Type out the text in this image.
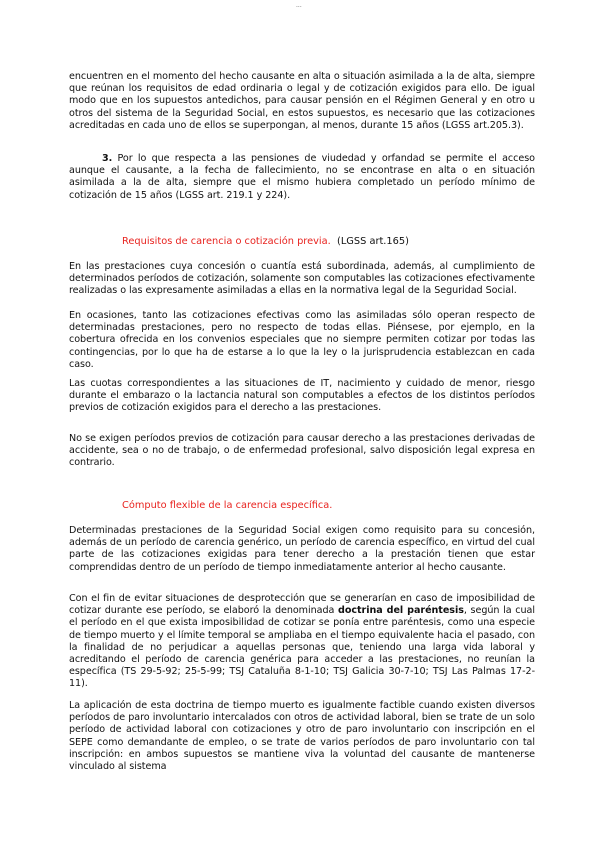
...

encuentren en el momento del hecho causante en alta o situación asimilada a la de alta, siempre que reúnan los requisitos de edad ordinaria o legal y de cotización exigidos para ello. De igual modo que en los supuestos antedichos, para causar pensión en el Régimen General y en otro u otros del sistema de la Seguridad Social, en estos supuestos, es necesario que las cotizaciones acreditadas en cada uno de ellos se superpongan, al menos, durante 15 años (LGSS art.205.3).

3. Por lo que respecta a las pensiones de viudedad y orfandad se permite el acceso aunque el causante, a la fecha de fallecimiento, no se encontrase en alta o en situación asimilada a la de alta, siempre que el mismo hubiera completado un período mínimo de cotización de 15 años (LGSS art. 219.1 y 224).

Requisitos de carencia o cotización previa. (LGSS art.165)

En las prestaciones cuya concesión o cuantía está subordinada, además, al cumplimiento de determinados períodos de cotización, solamente son computables las cotizaciones efectivamente realizadas o las expresamente asimiladas a ellas en la normativa legal de la Seguridad Social.

En ocasiones, tanto las cotizaciones efectivas como las asimiladas sólo operan respecto de determinadas prestaciones, pero no respecto de todas ellas. Piénsese, por ejemplo, en la cobertura ofrecida en los convenios especiales que no siempre permiten cotizar por todas las contingencias, por lo que ha de estarse a lo que la ley o la jurisprudencia establezcan en cada caso.

Las cuotas correspondientes a las situaciones de IT, nacimiento y cuidado de menor, riesgo durante el embarazo o la lactancia natural son computables a efectos de los distintos períodos previos de cotización exigidos para el derecho a las prestaciones.

No se exigen períodos previos de cotización para causar derecho a las prestaciones derivadas de accidente, sea o no de trabajo, o de enfermedad profesional, salvo disposición legal expresa en contrario.

Cómputo flexible de la carencia específica.

Determinadas prestaciones de la Seguridad Social exigen como requisito para su concesión, además de un período de carencia genérico, un período de carencia específico, en virtud del cual parte de las cotizaciones exigidas para tener derecho a la prestación tienen que estar comprendidas dentro de un período de tiempo inmediatamente anterior al hecho causante.

Con el fin de evitar situaciones de desprotección que se generarían en caso de imposibilidad de cotizar durante ese período, se elaboró la denominada doctrina del paréntesis, según la cual el período en el que exista imposibilidad de cotizar se ponía entre paréntesis, como una especie de tiempo muerto y el límite temporal se ampliaba en el tiempo equivalente hacia el pasado, con la finalidad de no perjudicar a aquellas personas que, teniendo una larga vida laboral y acreditando el período de carencia genérica para acceder a las prestaciones, no reunían la específica (TS 29-5-92; 25-5-99; TSJ Cataluña 8-1-10; TSJ Galicia 30-7-10; TSJ Las Palmas 17-2-11).

La aplicación de esta doctrina de tiempo muerto es igualmente factible cuando existen diversos períodos de paro involuntario intercalados con otros de actividad laboral, bien se trate de un solo período de actividad laboral con cotizaciones y otro de paro involuntario con inscripción en el SEPE como demandante de empleo, o se trate de varios períodos de paro involuntario con tal inscripción: en ambos supuestos se mantiene viva la voluntad del causante de mantenerse vinculado al sistema
